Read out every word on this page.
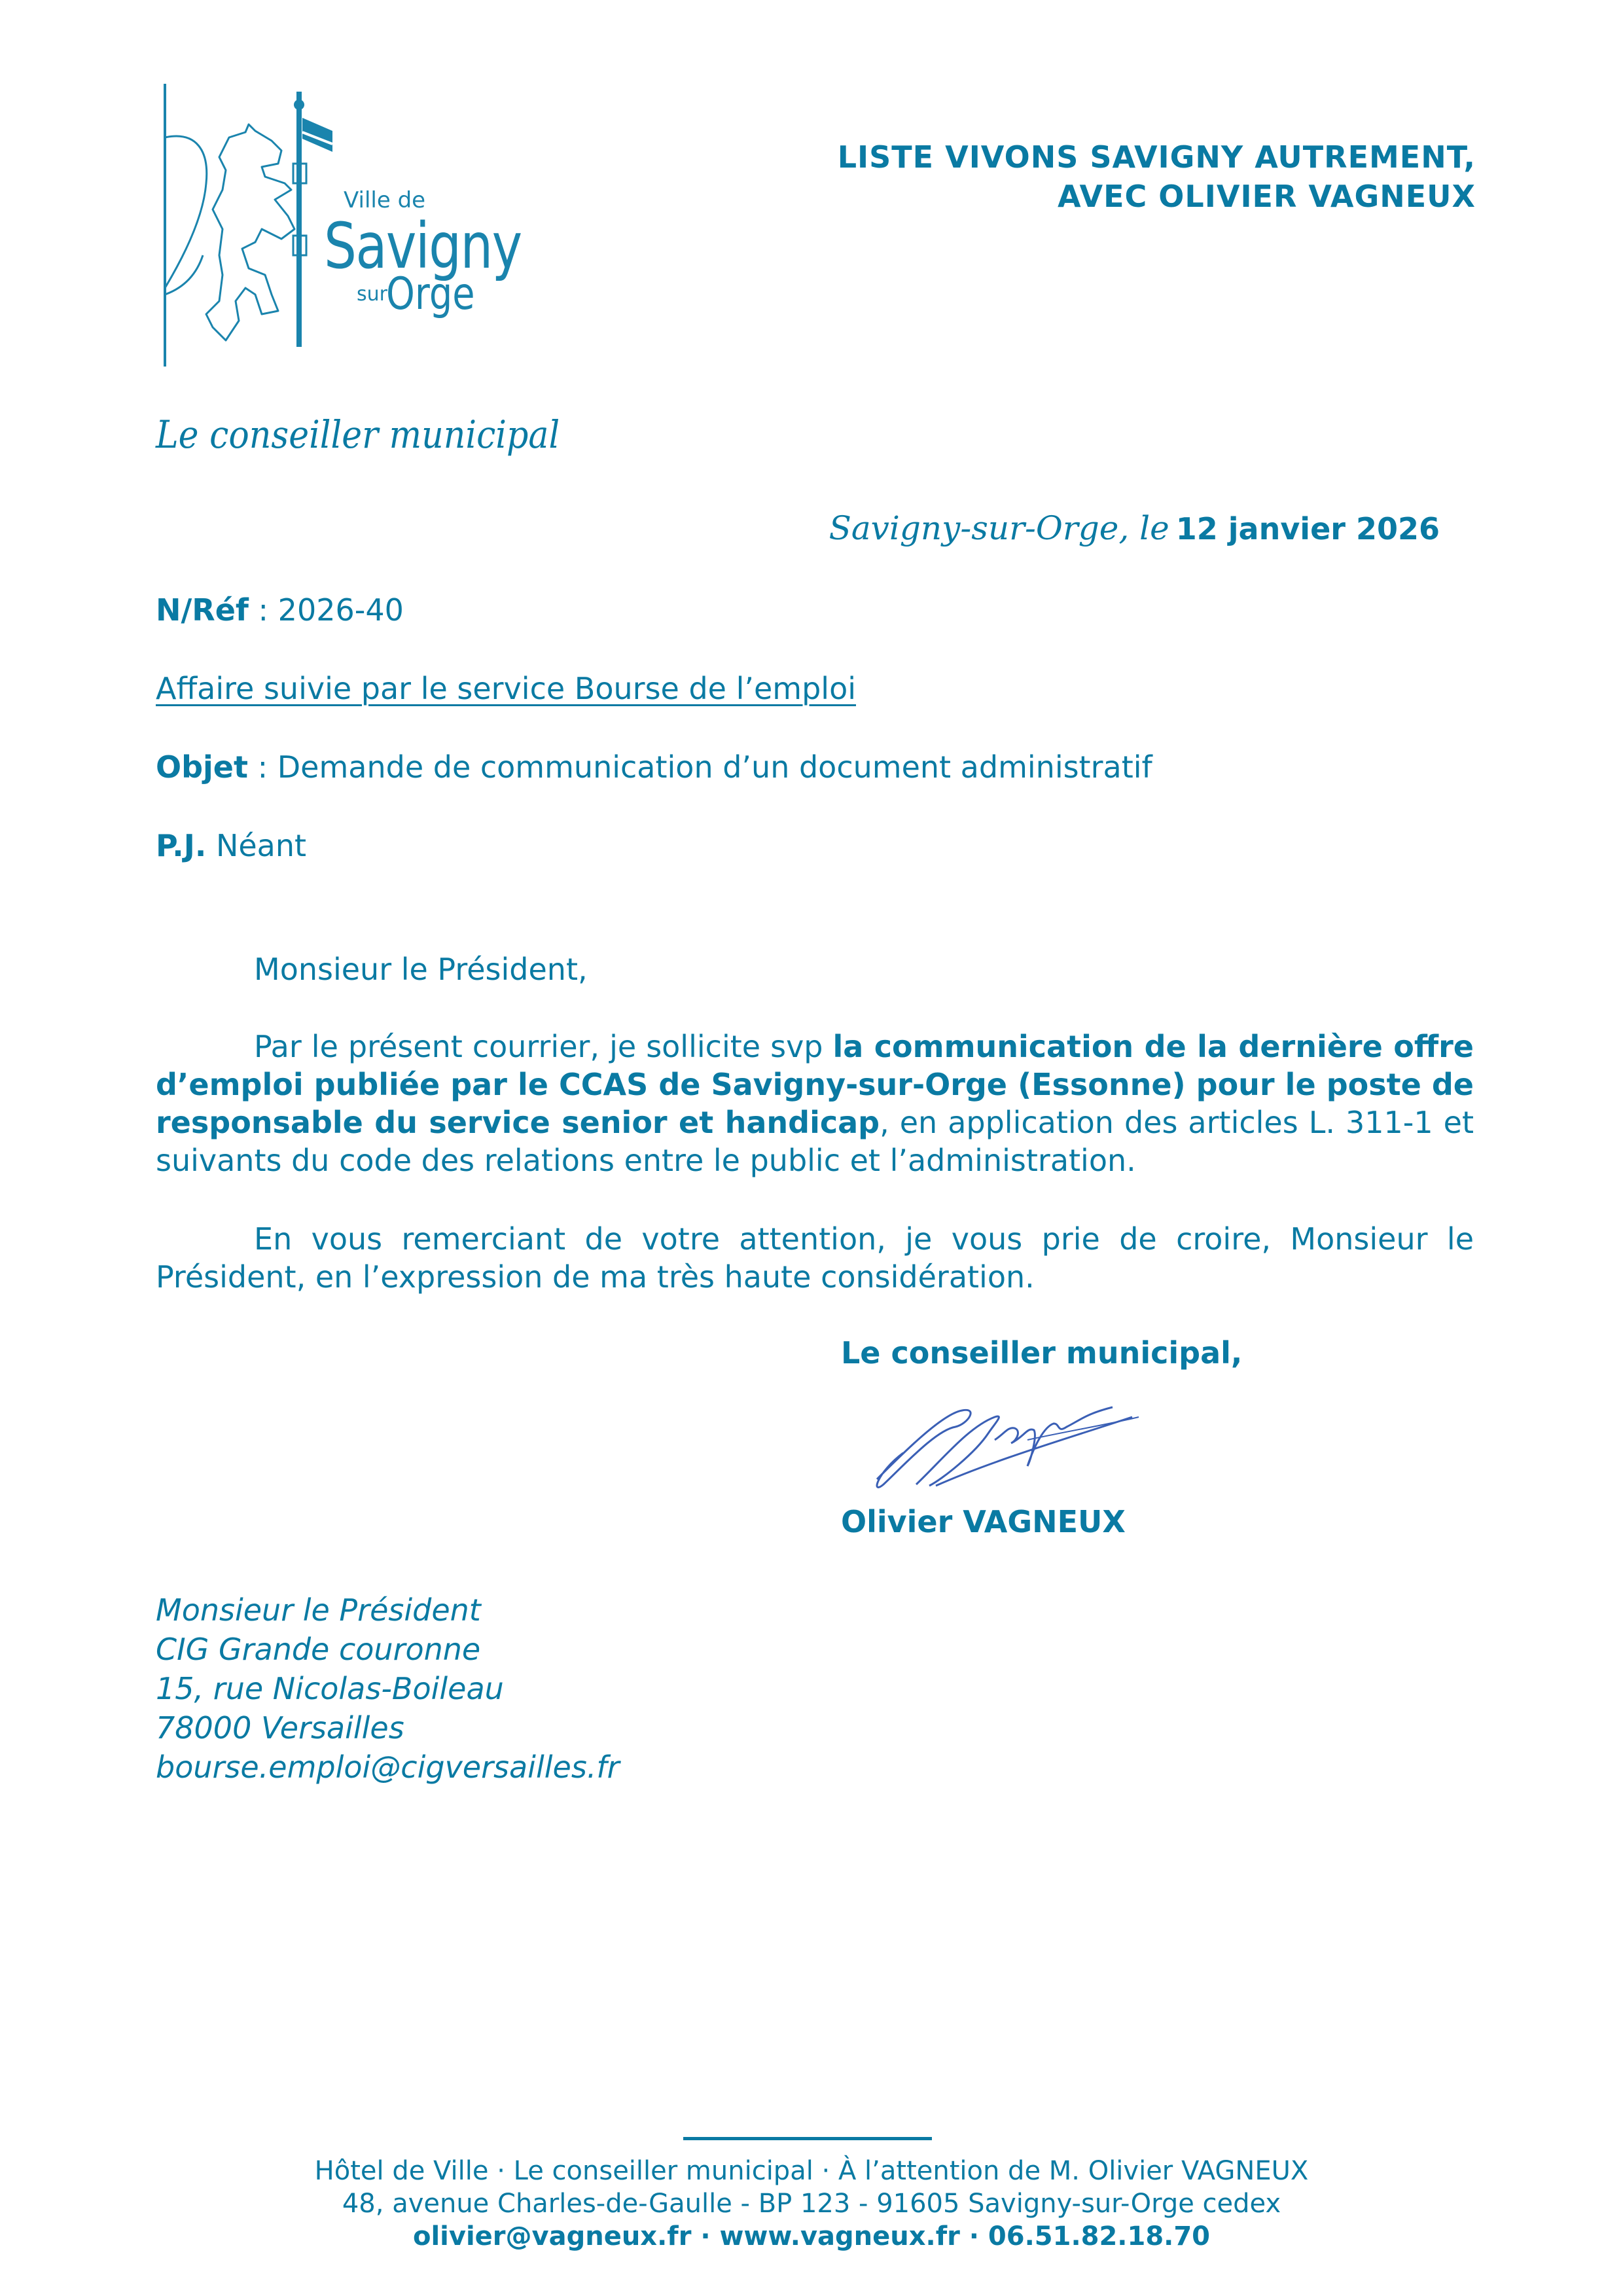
Ville de
Savigny
sur
Orge
LISTE VIVONS SAVIGNY AUTREMENT,
AVEC OLIVIER VAGNEUX
Le conseiller municipal
Savigny-sur-Orge, le 12 janvier 2026
N/Réf : 2026-40
Affaire suivie par le service Bourse de l’emploi
Objet : Demande de communication d’un document administratif
P.J. Néant
Monsieur le Président,
Par le présent courrier, je sollicite svp la communication de la dernière offre d’emploi publiée par le CCAS de Savigny-sur-Orge (Essonne) pour le poste de responsable du service senior et handicap, en application des articles L. 311-1 et suivants du code des relations entre le public et l’administration.
En vous remerciant de votre attention, je vous prie de croire, Monsieur le Président, en l’expression de ma très haute considération.
Le conseiller municipal,
Olivier VAGNEUX
Monsieur le Président
CIG Grande couronne
15, rue Nicolas-Boileau
78000 Versailles
bourse.emploi@cigversailles.fr
Hôtel de Ville · Le conseiller municipal · À l’attention de M. Olivier VAGNEUX
48, avenue Charles-de-Gaulle - BP 123 - 91605 Savigny-sur-Orge cedex
olivier@vagneux.fr · www.vagneux.fr · 06.51.82.18.70
